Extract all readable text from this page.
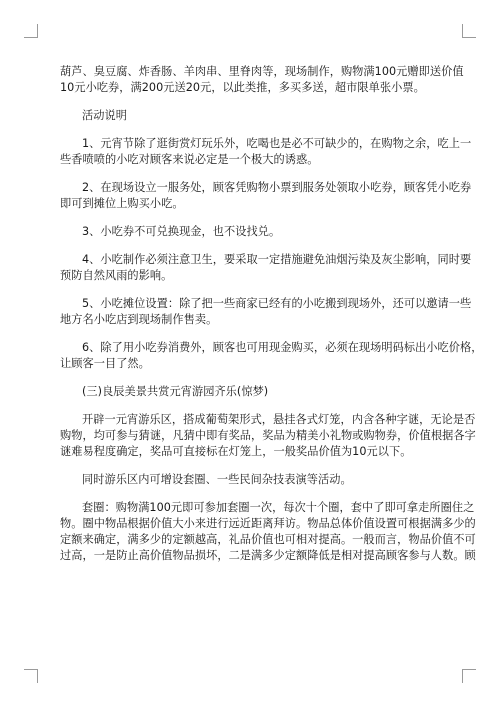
葫芦、臭豆腐、炸香肠、羊肉串、里脊肉等，现场制作，购物满100元赠即送价值
10元小吃券，满200元送20元，以此类推，多买多送，超市限单张小票。
活动说明
1、元宵节除了逛街赏灯玩乐外，吃喝也是必不可缺少的，在购物之余，吃上一
些香喷喷的小吃对顾客来说必定是一个极大的诱惑。
2、在现场设立一服务处，顾客凭购物小票到服务处领取小吃券，顾客凭小吃券
即可到摊位上购买小吃。
3、小吃券不可兑换现金，也不设找兑。
4、小吃制作必须注意卫生，要采取一定措施避免油烟污染及灰尘影响，同时要
预防自然风雨的影响。
5、小吃摊位设置：除了把一些商家已经有的小吃搬到现场外，还可以邀请一些
地方名小吃店到现场制作售卖。
6、除了用小吃券消费外，顾客也可用现金购买，必须在现场明码标出小吃价格，
让顾客一目了然。
(三)良辰美景共赏元宵游园齐乐(惊梦)
开辟一元宵游乐区，搭成葡萄架形式，悬挂各式灯笼，内含各种字谜，无论是否
购物，均可参与猜谜，凡猜中即有奖品，奖品为精美小礼物或购物券，价值根据各字
谜难易程度确定，奖品可直接标在灯笼上，一般奖品价值为10元以下。
同时游乐区内可增设套圈、一些民间杂技表演等活动。
套圈：购物满100元即可参加套圈一次，每次十个圈，套中了即可拿走所圈住之
物。圈中物品根据价值大小来进行远近距离拜访。物品总体价值设置可根据满多少的
定额来确定，满多少的定额越高，礼品价值也可相对提高。一般而言，物品价值不可
过高，一是防止高价值物品损坏，二是满多少定额降低是相对提高顾客参与人数。顾
